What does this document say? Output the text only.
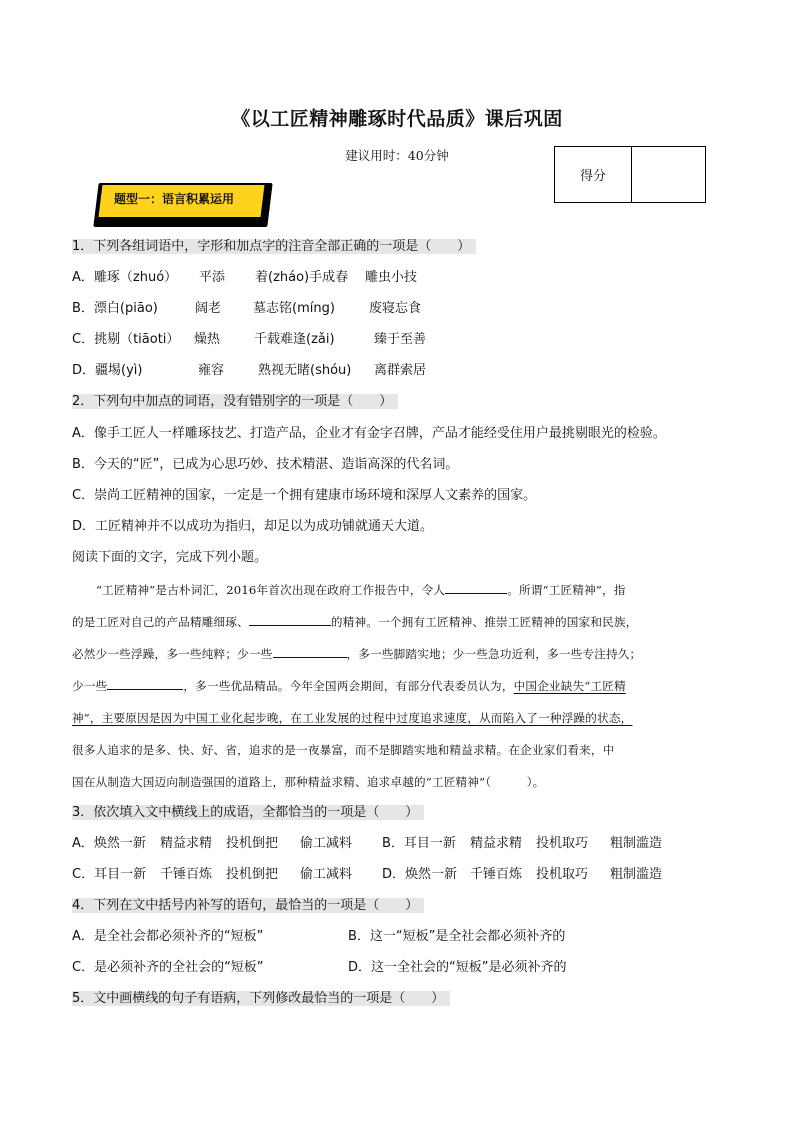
《以工匠精神雕琢时代品质》课后巩固
建议用时：40分钟
得分
题型一：语言积累运用
1．下列各组词语中，字形和加点字的注音全部正确的一项是（　　）
A．雕琢（zhuó） 平添 着(zháo)手成春 雕虫小技
B．漂白(piāo)	阔老 墓志铭(míng)	废寝忘食
C．挑剔（tiāoti） 燥热	千载难逢(zǎi)	臻于至善
D．疆埸(yì)	雍容	熟视无睹(shóu) 离群索居
2．下列句中加点的词语，没有错别字的一项是（　　）
A．像手工匠人一样雕琢技艺、打造产品，企业才有金字召牌，产品才能经受住用户最挑剔眼光的检验。
B．今天的“匠”，已成为心思巧妙、技术精湛、造诣高深的代名词。
C．崇尚工匠精神的国家，一定是一个拥有建康市场环境和深厚人文素养的国家。
D．工匠精神并不以成功为指归，却足以为成功铺就通天大道。
阅读下面的文字，完成下列小题。
“工匠精神”是古朴词汇，2016年首次出现在政府工作报告中，令人	。所谓“工匠精神”，指
的是工匠对自己的产品精雕细琢、	的精神。一个拥有工匠精神、推崇工匠精神的国家和民族，
必然少一些浮躁，多一些纯粹；少一些	，多一些脚踏实地；少一些急功近利，多一些专注持久；
少一些	，多一些优品精品。今年全国两会期间，有部分代表委员认为，中国企业缺失“工匠精
神”，主要原因是因为中国工业化起步晚，在工业发展的过程中过度追求速度，从而陷入了一种浮躁的状态，
很多人追求的是多、快、好、省，追求的是一夜暴富，而不是脚踏实地和精益求精。在企业家们看来，中
国在从制造大国迈向制造强国的道路上，那种精益求精、追求卓越的“工匠精神”（　　　）。
3．依次填入文中横线上的成语，全都恰当的一项是（　　）
A．焕然一新 精益求精 投机倒把 偷工减料 B．耳目一新 精益求精 投机取巧 粗制滥造
C．耳目一新 千锤百炼 投机倒把 偷工减料 D．焕然一新 千锤百炼 投机取巧 粗制滥造
4．下列在文中括号内补写的语句，最恰当的一项是（　　）
A．是全社会都必须补齐的“短板”	B．这一“短板”是全社会都必须补齐的
C．是必须补齐的全社会的“短板”	D．这一全社会的“短板”是必须补齐的
5．文中画横线的句子有语病，下列修改最恰当的一项是（　　）
